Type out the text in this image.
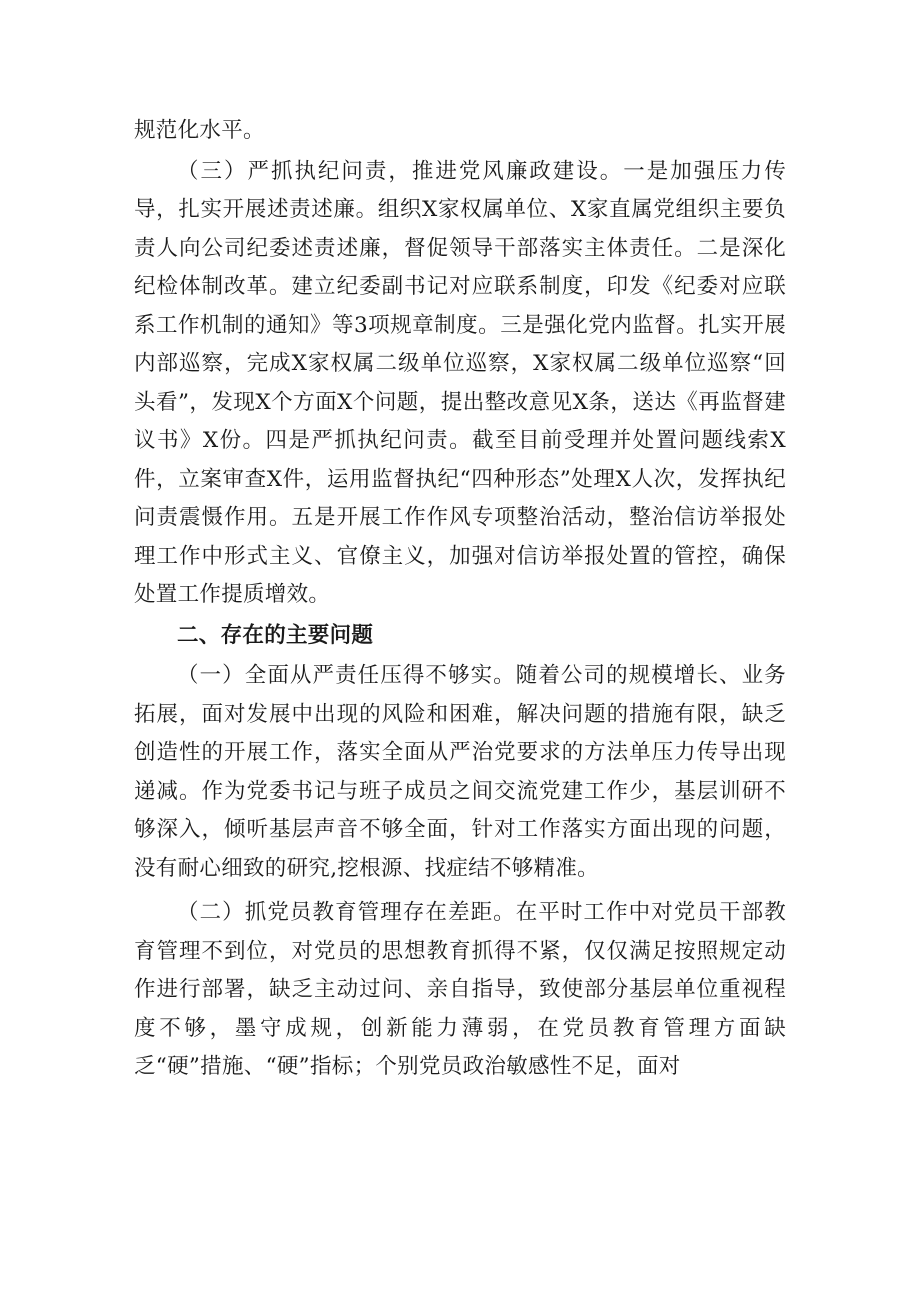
规范化水平。

（三）严抓执纪问责，推进党风廉政建设。一是加强压力传导，扎实开展述责述廉。组织X家权属单位、X家直属党组织主要负责人向公司纪委述责述廉，督促领导干部落实主体责任。二是深化纪检体制改革。建立纪委副书记对应联系制度，印发《纪委对应联系工作机制的通知》等3项规章制度。三是强化党内监督。扎实开展内部巡察，完成X家权属二级单位巡察，X家权属二级单位巡察“回头看”，发现X个方面X个问题，提出整改意见X条，送达《再监督建议书》X份。四是严抓执纪问责。截至目前受理并处置问题线索X件，立案审查X件，运用监督执纪“四种形态”处理X人次，发挥执纪问责震慑作用。五是开展工作作风专项整治活动，整治信访举报处理工作中形式主义、官僚主义，加强对信访举报处置的管控，确保处置工作提质增效。

二、存在的主要问题

（一）全面从严责任压得不够实。随着公司的规模增长、业务拓展，面对发展中出现的风险和困难，解决问题的措施有限，缺乏创造性的开展工作，落实全面从严治党要求的方法单压力传导出现递减。作为党委书记与班子成员之间交流党建工作少，基层训研不够深入，倾听基层声音不够全面，针对工作落实方面出现的问题，没有耐心细致的研究,挖根源、找症结不够精准。

（二）抓党员教育管理存在差距。在平时工作中对党员干部教育管理不到位，对党员的思想教育抓得不紧，仅仅满足按照规定动作进行部署，缺乏主动过问、亲自指导，致使部分基层单位重视程度不够，墨守成规，创新能力薄弱，在党员教育管理方面缺乏“硬”措施、“硬”指标；个别党员政治敏感性不足，面对
